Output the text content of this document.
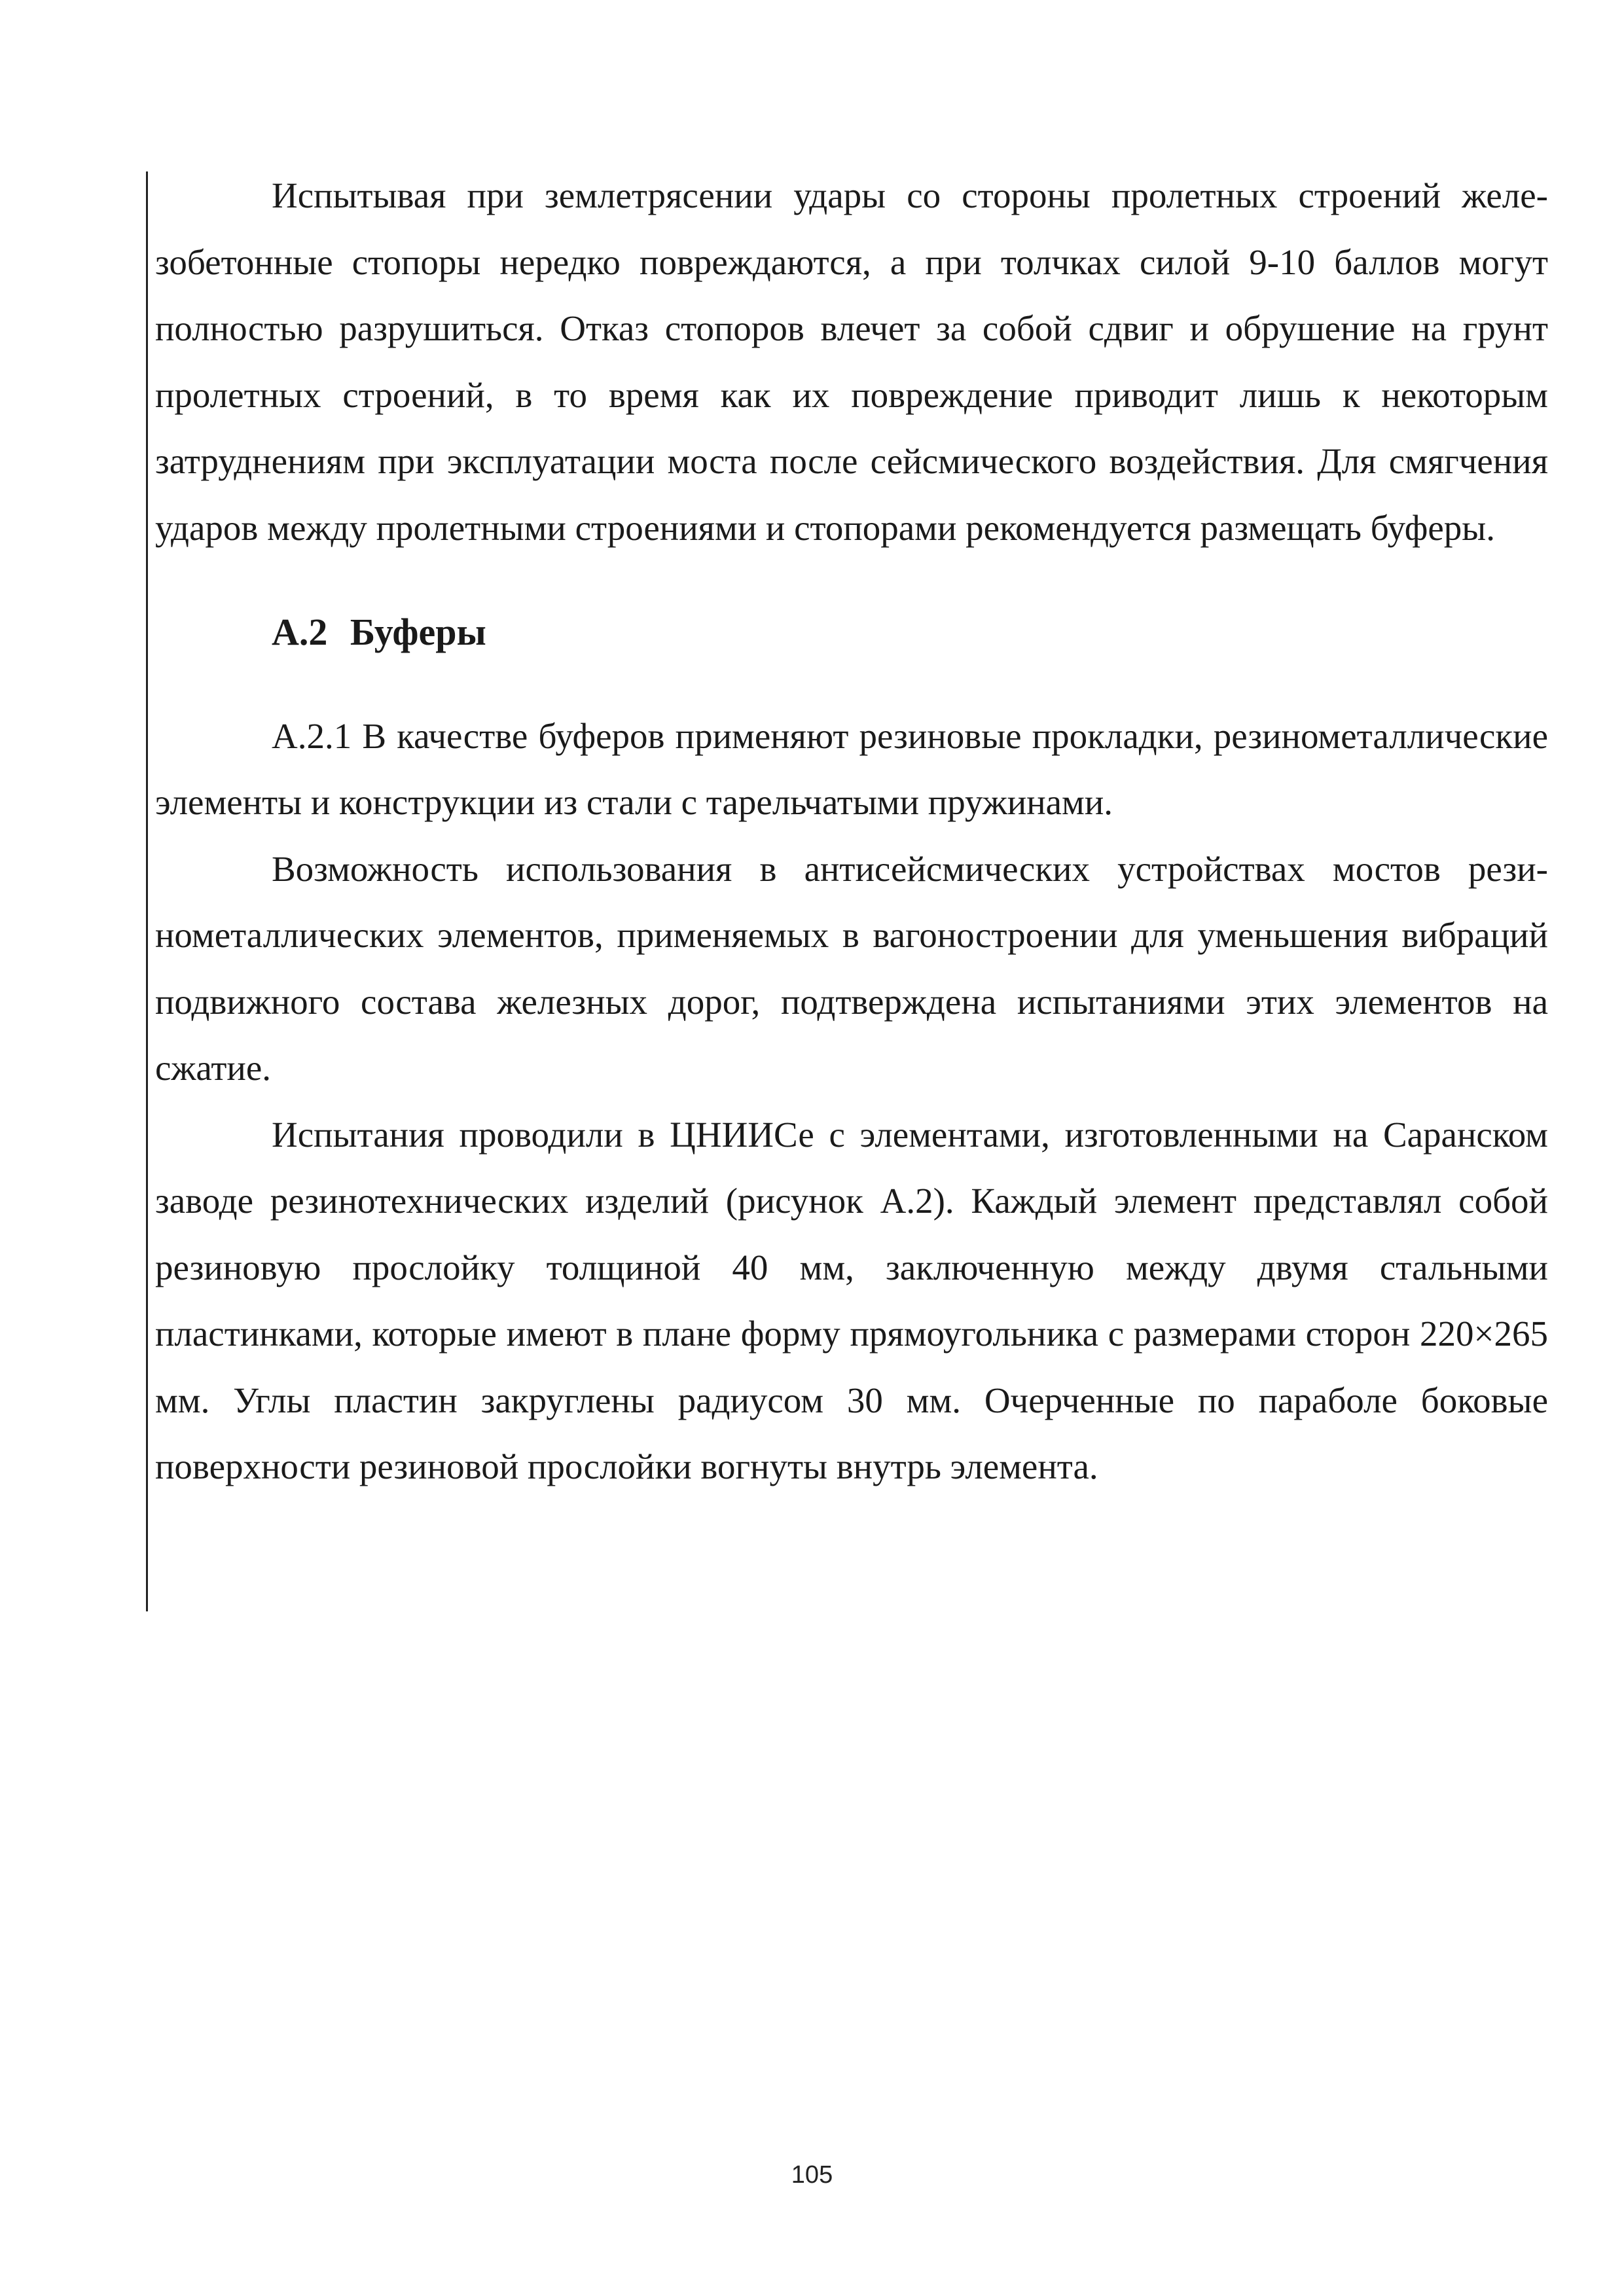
Испытывая при землетрясении удары со стороны пролетных строений железобетонные стопоры нередко повреждаются, а при толчках силой 9-10 баллов могут полностью разрушиться. Отказ стопоров влечет за собой сдвиг и обрушение на грунт пролетных строений, в то время как их повреждение приводит лишь к некоторым затруднениям при эксплуатации моста после сейсмического воздействия. Для смягчения ударов между пролетными строениями и стопорами рекомендуется размещать буферы.

А.2 Буферы

А.2.1 В качестве буферов применяют резиновые прокладки, резинометаллические элементы и конструкции из стали с тарельчатыми пружинами.

Возможность использования в антисейсмических устройствах мостов резинометаллических элементов, применяемых в вагоностроении для уменьшения вибраций подвижного состава железных дорог, подтверждена испытаниями этих элементов на сжатие.

Испытания проводили в ЦНИИСе с элементами, изготовленными на Саранском заводе резинотехнических изделий (рисунок А.2). Каждый элемент представлял собой резиновую прослойку толщиной 40 мм, заключенную между двумя стальными пластинками, которые имеют в плане форму прямоугольника с размерами сторон 220×265 мм. Углы пластин закруглены радиусом 30 мм. Очерченные по параболе боковые поверхности резиновой прослойки вогнуты внутрь элемента.

105
